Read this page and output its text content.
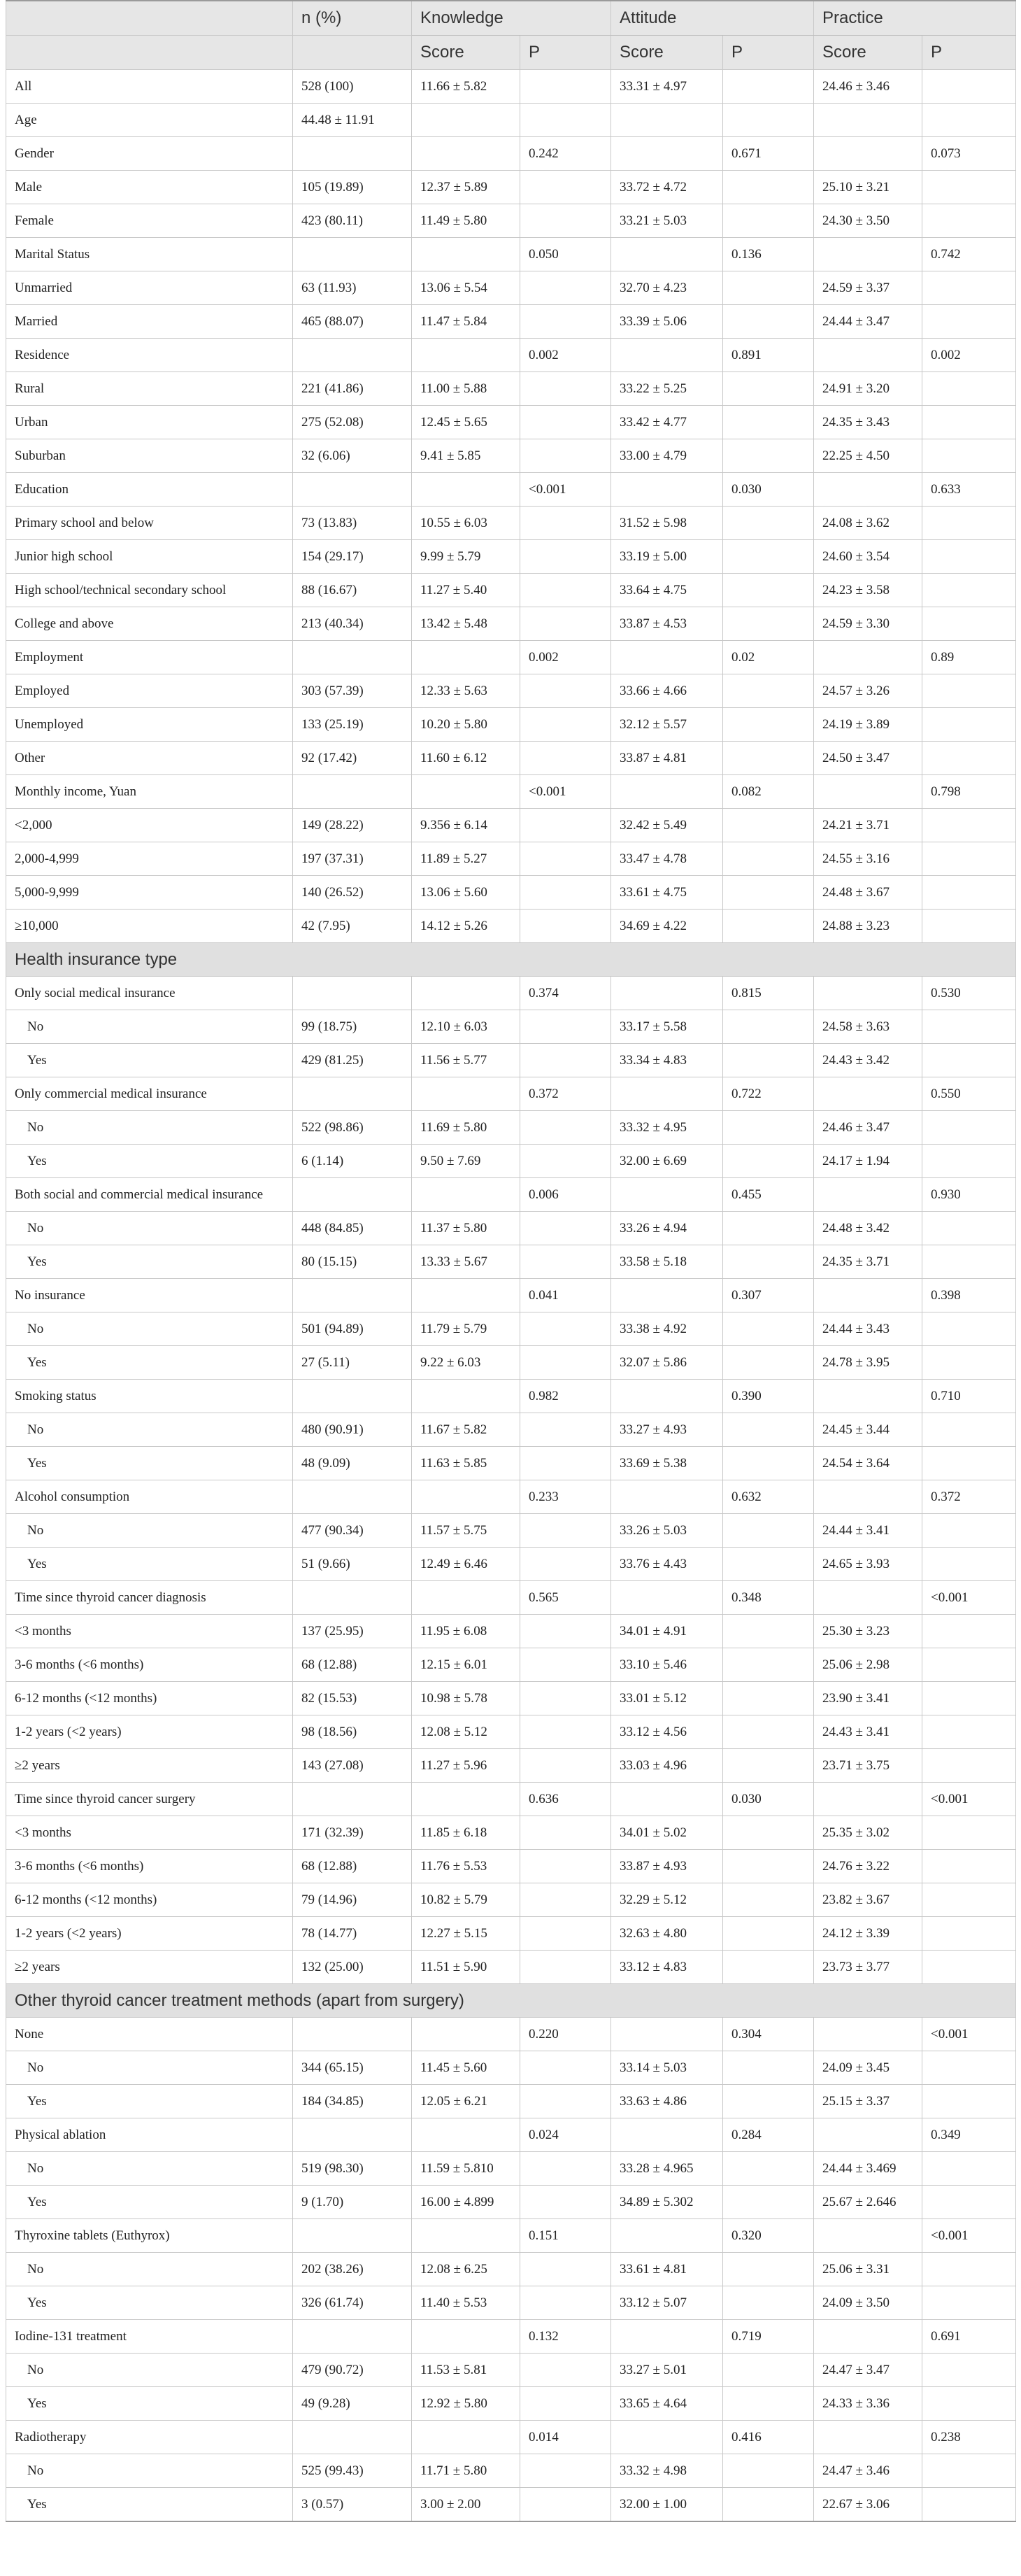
	n (%)	Knowledge		Attitude		Practice	
		Score	P	Score	P	Score	P
All	528 (100)	11.66 ± 5.82		33.31 ± 4.97		24.46 ± 3.46	
Age	44.48 ± 11.91						
Gender			0.242		0.671		0.073
Male	105 (19.89)	12.37 ± 5.89		33.72 ± 4.72		25.10 ± 3.21	
Female	423 (80.11)	11.49 ± 5.80		33.21 ± 5.03		24.30 ± 3.50	
Marital Status			0.050		0.136		0.742
Unmarried	63 (11.93)	13.06 ± 5.54		32.70 ± 4.23		24.59 ± 3.37	
Married	465 (88.07)	11.47 ± 5.84		33.39 ± 5.06		24.44 ± 3.47	
Residence			0.002		0.891		0.002
Rural	221 (41.86)	11.00 ± 5.88		33.22 ± 5.25		24.91 ± 3.20	
Urban	275 (52.08)	12.45 ± 5.65		33.42 ± 4.77		24.35 ± 3.43	
Suburban	32 (6.06)	9.41 ± 5.85		33.00 ± 4.79		22.25 ± 4.50	
Education			<0.001		0.030		0.633
Primary school and below	73 (13.83)	10.55 ± 6.03		31.52 ± 5.98		24.08 ± 3.62	
Junior high school	154 (29.17)	9.99 ± 5.79		33.19 ± 5.00		24.60 ± 3.54	
High school/technical secondary school	88 (16.67)	11.27 ± 5.40		33.64 ± 4.75		24.23 ± 3.58	
College and above	213 (40.34)	13.42 ± 5.48		33.87 ± 4.53		24.59 ± 3.30	
Employment			0.002		0.02		0.89
Employed	303 (57.39)	12.33 ± 5.63		33.66 ± 4.66		24.57 ± 3.26	
Unemployed	133 (25.19)	10.20 ± 5.80		32.12 ± 5.57		24.19 ± 3.89	
Other	92 (17.42)	11.60 ± 6.12		33.87 ± 4.81		24.50 ± 3.47	
Monthly income, Yuan			<0.001		0.082		0.798
<2,000	149 (28.22)	9.356 ± 6.14		32.42 ± 5.49		24.21 ± 3.71	
2,000-4,999	197 (37.31)	11.89 ± 5.27		33.47 ± 4.78		24.55 ± 3.16	
5,000-9,999	140 (26.52)	13.06 ± 5.60		33.61 ± 4.75		24.48 ± 3.67	
≥10,000	42 (7.95)	14.12 ± 5.26		34.69 ± 4.22		24.88 ± 3.23	
Health insurance type							
Only social medical insurance			0.374		0.815		0.530
No	99 (18.75)	12.10 ± 6.03		33.17 ± 5.58		24.58 ± 3.63	
Yes	429 (81.25)	11.56 ± 5.77		33.34 ± 4.83		24.43 ± 3.42	
Only commercial medical insurance			0.372		0.722		0.550
No	522 (98.86)	11.69 ± 5.80		33.32 ± 4.95		24.46 ± 3.47	
Yes	6 (1.14)	9.50 ± 7.69		32.00 ± 6.69		24.17 ± 1.94	
Both social and commercial medical insurance			0.006		0.455		0.930
No	448 (84.85)	11.37 ± 5.80		33.26 ± 4.94		24.48 ± 3.42	
Yes	80 (15.15)	13.33 ± 5.67		33.58 ± 5.18		24.35 ± 3.71	
No insurance			0.041		0.307		0.398
No	501 (94.89)	11.79 ± 5.79		33.38 ± 4.92		24.44 ± 3.43	
Yes	27 (5.11)	9.22 ± 6.03		32.07 ± 5.86		24.78 ± 3.95	
Smoking status			0.982		0.390		0.710
No	480 (90.91)	11.67 ± 5.82		33.27 ± 4.93		24.45 ± 3.44	
Yes	48 (9.09)	11.63 ± 5.85		33.69 ± 5.38		24.54 ± 3.64	
Alcohol consumption			0.233		0.632		0.372
No	477 (90.34)	11.57 ± 5.75		33.26 ± 5.03		24.44 ± 3.41	
Yes	51 (9.66)	12.49 ± 6.46		33.76 ± 4.43		24.65 ± 3.93	
Time since thyroid cancer diagnosis			0.565		0.348		<0.001
<3 months	137 (25.95)	11.95 ± 6.08		34.01 ± 4.91		25.30 ± 3.23	
3-6 months (<6 months)	68 (12.88)	12.15 ± 6.01		33.10 ± 5.46		25.06 ± 2.98	
6-12 months (<12 months)	82 (15.53)	10.98 ± 5.78		33.01 ± 5.12		23.90 ± 3.41	
1-2 years (<2 years)	98 (18.56)	12.08 ± 5.12		33.12 ± 4.56		24.43 ± 3.41	
≥2 years	143 (27.08)	11.27 ± 5.96		33.03 ± 4.96		23.71 ± 3.75	
Time since thyroid cancer surgery			0.636		0.030		<0.001
<3 months	171 (32.39)	11.85 ± 6.18		34.01 ± 5.02		25.35 ± 3.02	
3-6 months (<6 months)	68 (12.88)	11.76 ± 5.53		33.87 ± 4.93		24.76 ± 3.22	
6-12 months (<12 months)	79 (14.96)	10.82 ± 5.79		32.29 ± 5.12		23.82 ± 3.67	
1-2 years (<2 years)	78 (14.77)	12.27 ± 5.15		32.63 ± 4.80		24.12 ± 3.39	
≥2 years	132 (25.00)	11.51 ± 5.90		33.12 ± 4.83		23.73 ± 3.77	
Other thyroid cancer treatment methods (apart from surgery)							
None			0.220		0.304		<0.001
No	344 (65.15)	11.45 ± 5.60		33.14 ± 5.03		24.09 ± 3.45	
Yes	184 (34.85)	12.05 ± 6.21		33.63 ± 4.86		25.15 ± 3.37	
Physical ablation			0.024		0.284		0.349
No	519 (98.30)	11.59 ± 5.810		33.28 ± 4.965		24.44 ± 3.469	
Yes	9 (1.70)	16.00 ± 4.899		34.89 ± 5.302		25.67 ± 2.646	
Thyroxine tablets (Euthyrox)			0.151		0.320		<0.001
No	202 (38.26)	12.08 ± 6.25		33.61 ± 4.81		25.06 ± 3.31	
Yes	326 (61.74)	11.40 ± 5.53		33.12 ± 5.07		24.09 ± 3.50	
Iodine-131 treatment			0.132		0.719		0.691
No	479 (90.72)	11.53 ± 5.81		33.27 ± 5.01		24.47 ± 3.47	
Yes	49 (9.28)	12.92 ± 5.80		33.65 ± 4.64		24.33 ± 3.36	
Radiotherapy			0.014		0.416		0.238
No	525 (99.43)	11.71 ± 5.80		33.32 ± 4.98		24.47 ± 3.46	
Yes	3 (0.57)	3.00 ± 2.00		32.00 ± 1.00		22.67 ± 3.06	
